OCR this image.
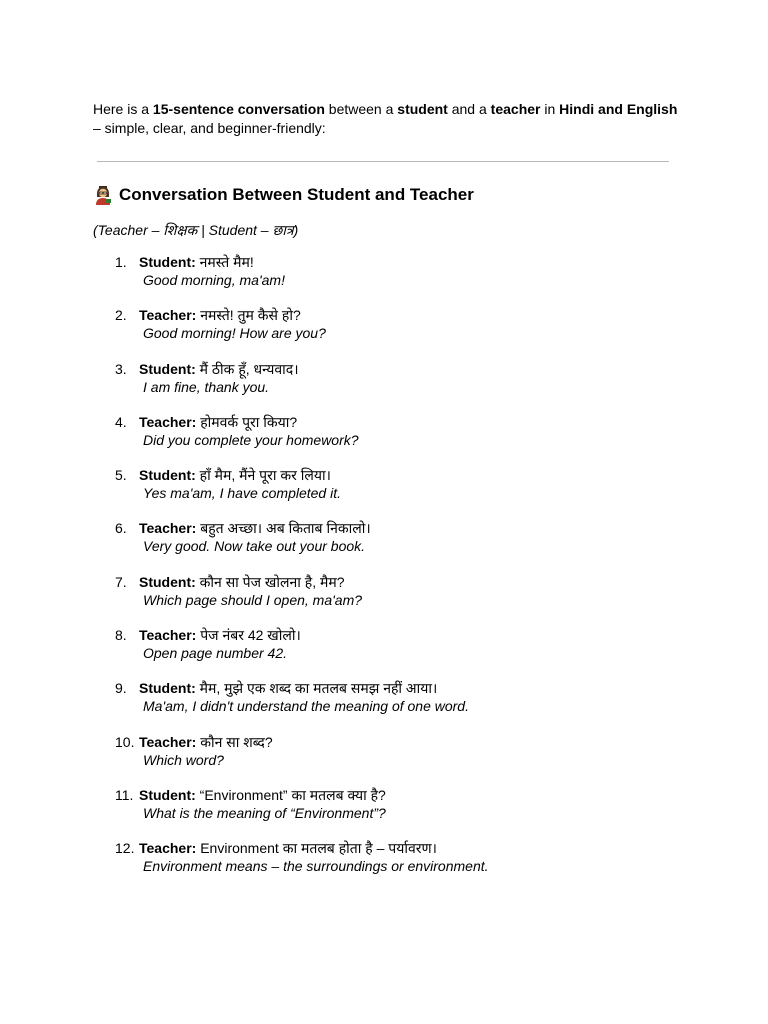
Here is a 15-sentence conversation between a student and a teacher in Hindi and English – simple, clear, and beginner-friendly:

Conversation Between Student and Teacher

(Teacher – शिक्षक | Student – छात्र)

1. Student: नमस्ते मैम!
Good morning, ma'am!
2. Teacher: नमस्ते! तुम कैसे हो?
Good morning! How are you?
3. Student: मैं ठीक हूँ, धन्यवाद।
I am fine, thank you.
4. Teacher: होमवर्क पूरा किया?
Did you complete your homework?
5. Student: हाँ मैम, मैंने पूरा कर लिया।
Yes ma'am, I have completed it.
6. Teacher: बहुत अच्छा। अब किताब निकालो।
Very good. Now take out your book.
7. Student: कौन सा पेज खोलना है, मैम?
Which page should I open, ma'am?
8. Teacher: पेज नंबर 42 खोलो।
Open page number 42.
9. Student: मैम, मुझे एक शब्द का मतलब समझ नहीं आया।
Ma'am, I didn't understand the meaning of one word.
10. Teacher: कौन सा शब्द?
Which word?
11. Student: “Environment” का मतलब क्या है?
What is the meaning of “Environment”?
12. Teacher: Environment का मतलब होता है – पर्यावरण।
Environment means – the surroundings or environment.
